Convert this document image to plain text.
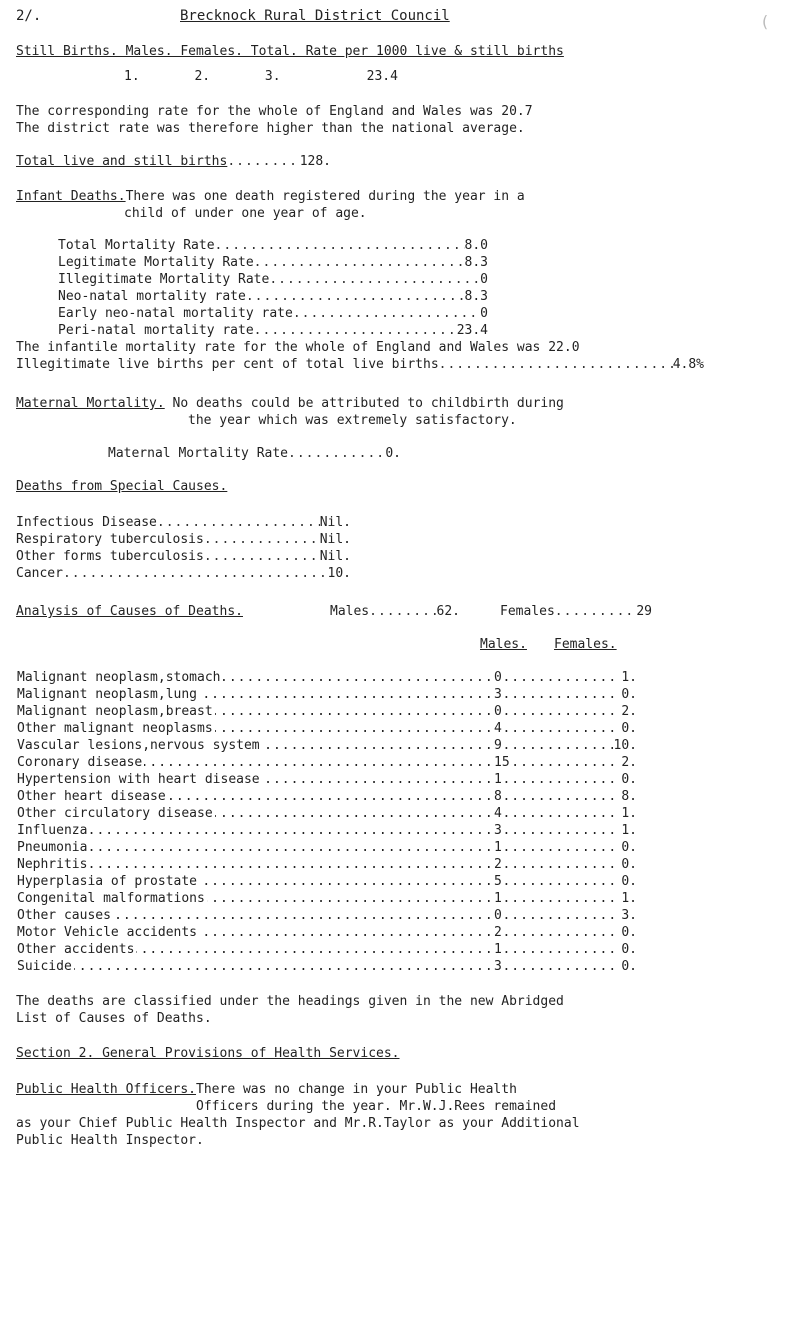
2/.	Brecknock Rural District Council	(
Still Births. Males. Females. Total. Rate per 1000 live & still births
1.       2.       3.           23.4
The corresponding rate for the whole of England and Wales was 20.7
The district rate was therefore higher than the national average.
Total live and still births .....	128.
Infant Deaths.There was one death registered during the year in a
child of under one year of age.
Total Mortality Rate .....	8.0
Legitimate Mortality Rate .....	8.3
Illegitimate Mortality Rate .....	0
Neo-natal mortality rate .....	8.3
Early neo-natal mortality rate .....	0
Peri-natal mortality rate .....	23.4
The infantile mortality rate for the whole of England and Wales was 22.0
Illegitimate live births per cent of total live births .....	4.8%
Maternal Mortality. No deaths could be attributed to childbirth during
the year which was extremely satisfactory.
Maternal Mortality Rate .....	0.
Deaths from Special Causes.
Infectious Disease .....	Nil.
Respiratory tuberculosis .....	Nil.
Other forms tuberculosis .....	Nil.
Cancer .....	10.
Analysis of Causes of Deaths.	Males .....	62.	Females .....	29
Males. Females.
.....
Malignant neoplasm,stomach	0	1.
.....
Malignant neoplasm,lung	3	0.
.....
Malignant neoplasm,breast	0	2.
.....
Other malignant neoplasms	4	0.
.....
Vascular lesions,nervous system	9	10.
.....
Coronary disease	15	2.
.....
Hypertension with heart disease	1	0.
.....
Other heart disease	8	8.
.....
Other circulatory disease	4	1.
.....
Influenza	3	1.
.....
Pneumonia	1	0.
.....
Nephritis	2	0.
.....
Hyperplasia of prostate	5	0.
.....
Congenital malformations	1	1.
.....
Other causes	0	3.
.....
Motor Vehicle accidents	2	0.
.....
Other accidents	1	0.
.....
Suicide	3	0.
The deaths are classified under the headings given in the new Abridged
List of Causes of Deaths.
Section 2. General Provisions of Health Services.
Public Health Officers.There was no change in your Public Health
Officers during the year. Mr.W.J.Rees remained
as your Chief Public Health Inspector and Mr.R.Taylor as your Additional
Public Health Inspector.
